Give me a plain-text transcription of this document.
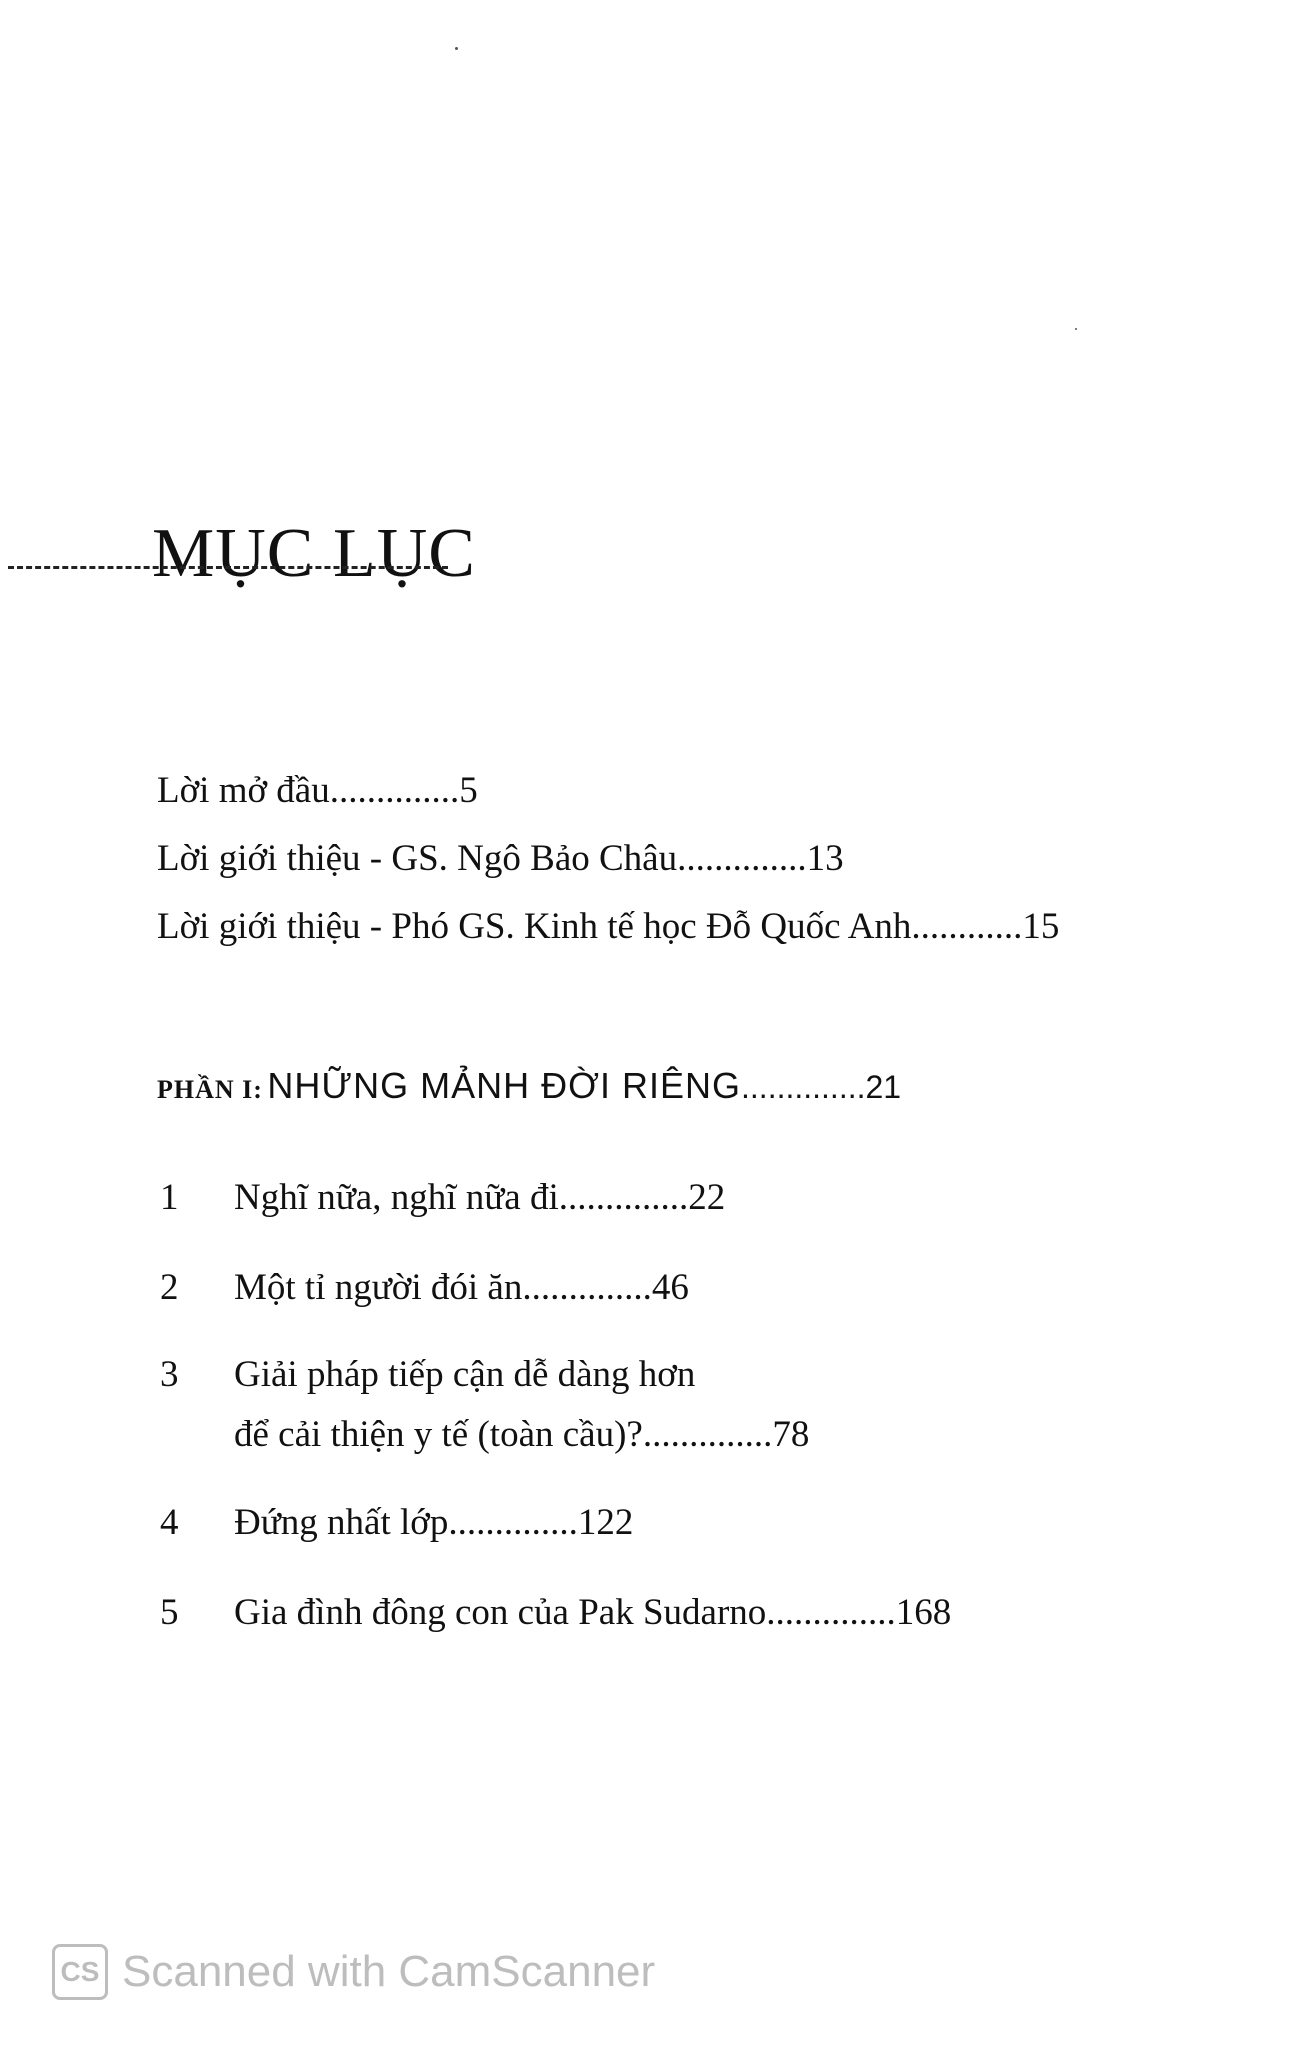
MỤC LỤC
Lời mở đầu..............5
Lời giới thiệu - GS. Ngô Bảo Châu..............13
Lời giới thiệu - Phó GS. Kinh tế học Đỗ Quốc Anh............15
PHẦN I: NHỮNG MẢNH ĐỜI RIÊNG..............21
1 Nghĩ nữa, nghĩ nữa đi..............22
2 Một tỉ người đói ăn..............46
3 Giải pháp tiếp cận dễ dàng hơn
để cải thiện y tế (toàn cầu)?..............78
4 Đứng nhất lớp..............122
5 Gia đình đông con của Pak Sudarno..............168
CS Scanned with CamScanner
